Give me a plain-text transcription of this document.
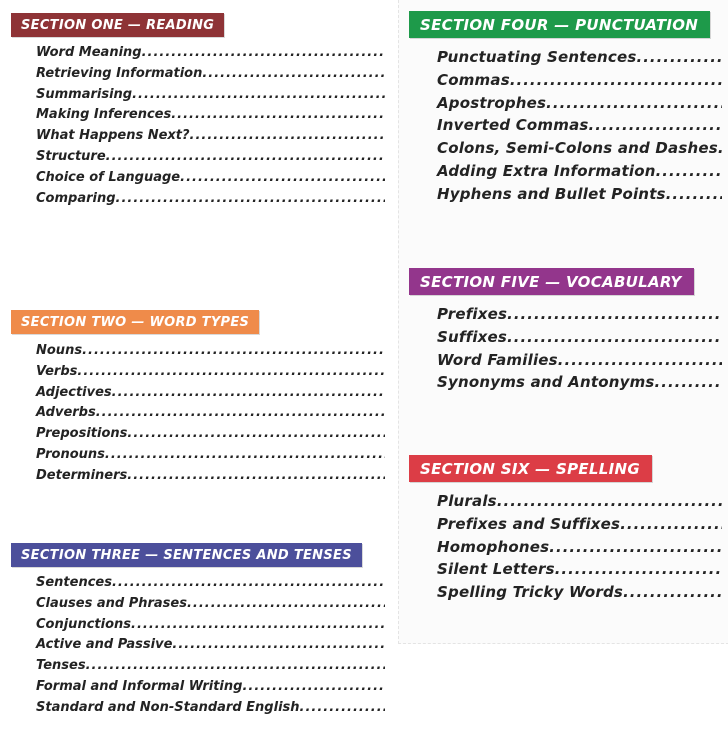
SECTION ONE — READING
Word Meaning
.....
Retrieving Information
.....
Summarising
.....
Making Inferences
.....
What Happens Next?
.....
Structure
.....
Choice of Language
.....
Comparing
.....
SECTION TWO — WORD TYPES
Nouns
.....
Verbs
.....
Adjectives
.....
Adverbs
.....
Prepositions
.....
Pronouns
.....
Determiners
.....
SECTION THREE — SENTENCES AND TENSES
Sentences
.....
Clauses and Phrases
.....
Conjunctions
.....
Active and Passive
.....
Tenses
.....
Formal and Informal Writing
.....
Standard and Non-Standard English
.....
SECTION FOUR — PUNCTUATION
Punctuating Sentences
.....
Commas
.....
Apostrophes
.....
Inverted Commas
.....
Colons, Semi-Colons and Dashes
.....
Adding Extra Information
.....
Hyphens and Bullet Points
.....
SECTION FIVE — VOCABULARY
Prefixes
.....
Suffixes
.....
Word Families
.....
Synonyms and Antonyms
.....
SECTION SIX — SPELLING
Plurals
.....
Prefixes and Suffixes
.....
Homophones
.....
Silent Letters
.....
Spelling Tricky Words
.....
